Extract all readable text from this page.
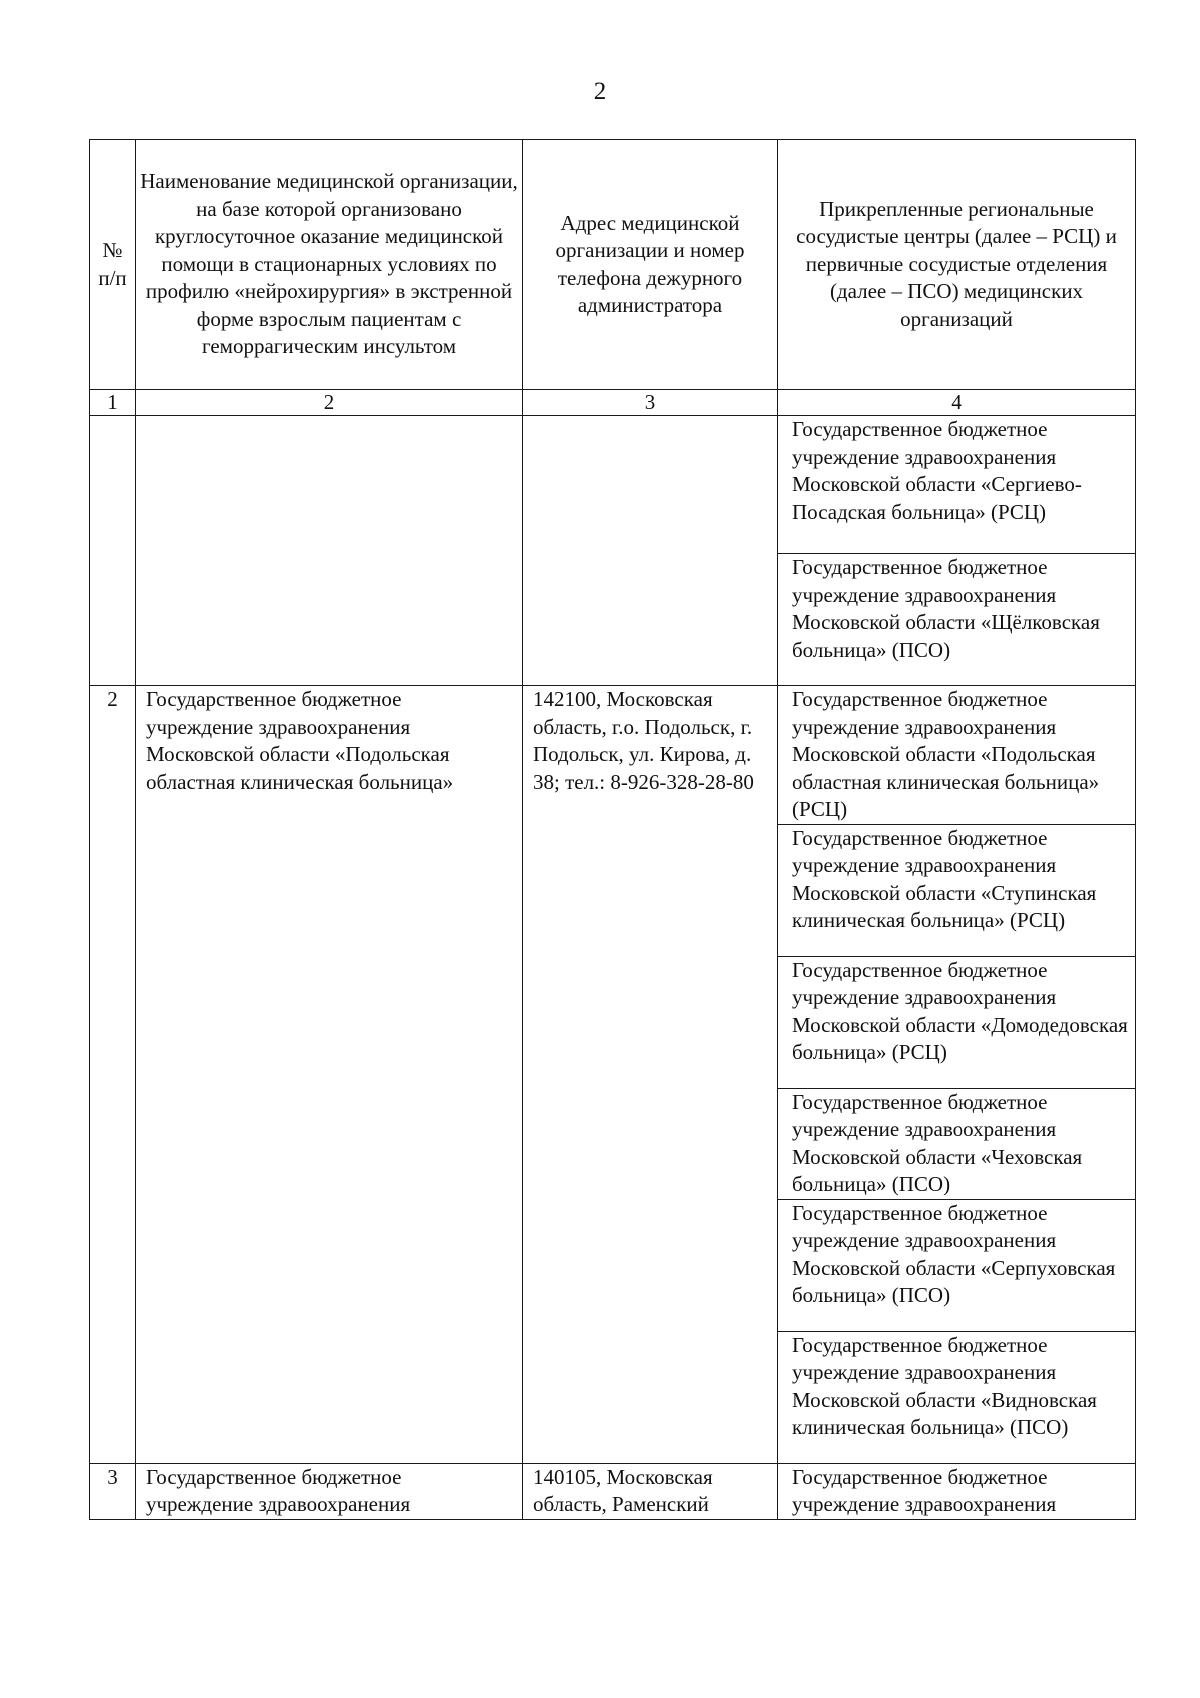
2
№ п/п	Наименование медицинской организации, на базе которой организовано круглосуточное оказание медицинской помощи в стационарных условиях по профилю «нейрохирургия» в экстренной форме взрослым пациентам с геморрагическим инсультом	Адрес медицинской организации и номер телефона дежурного администратора	Прикрепленные региональные сосудистые центры (далее – РСЦ) и первичные сосудистые отделения (далее – ПСО) медицинских организаций
1	2	3	4
			Государственное бюджетное учреждение здравоохранения Московской области «Сергиево-Посадская больница» (РСЦ)
			Государственное бюджетное учреждение здравоохранения Московской области «Щёлковская больница» (ПСО)
2	Государственное бюджетное учреждение здравоохранения Московской области «Подольская областная клиническая больница»	142100, Московская область, г.о. Подольск, г. Подольск, ул. Кирова, д. 38; тел.: 8-926-328-28-80	Государственное бюджетное учреждение здравоохранения Московской области «Подольская областная клиническая больница» (РСЦ)
			Государственное бюджетное учреждение здравоохранения Московской области «Ступинская клиническая больница» (РСЦ)
			Государственное бюджетное учреждение здравоохранения Московской области «Домодедовская больница» (РСЦ)
			Государственное бюджетное учреждение здравоохранения Московской области «Чеховская больница» (ПСО)
			Государственное бюджетное учреждение здравоохранения Московской области «Серпуховская больница» (ПСО)
			Государственное бюджетное учреждение здравоохранения Московской области «Видновская клиническая больница» (ПСО)
3	Государственное бюджетное учреждение здравоохранения	140105, Московская область, Раменский	Государственное бюджетное учреждение здравоохранения
